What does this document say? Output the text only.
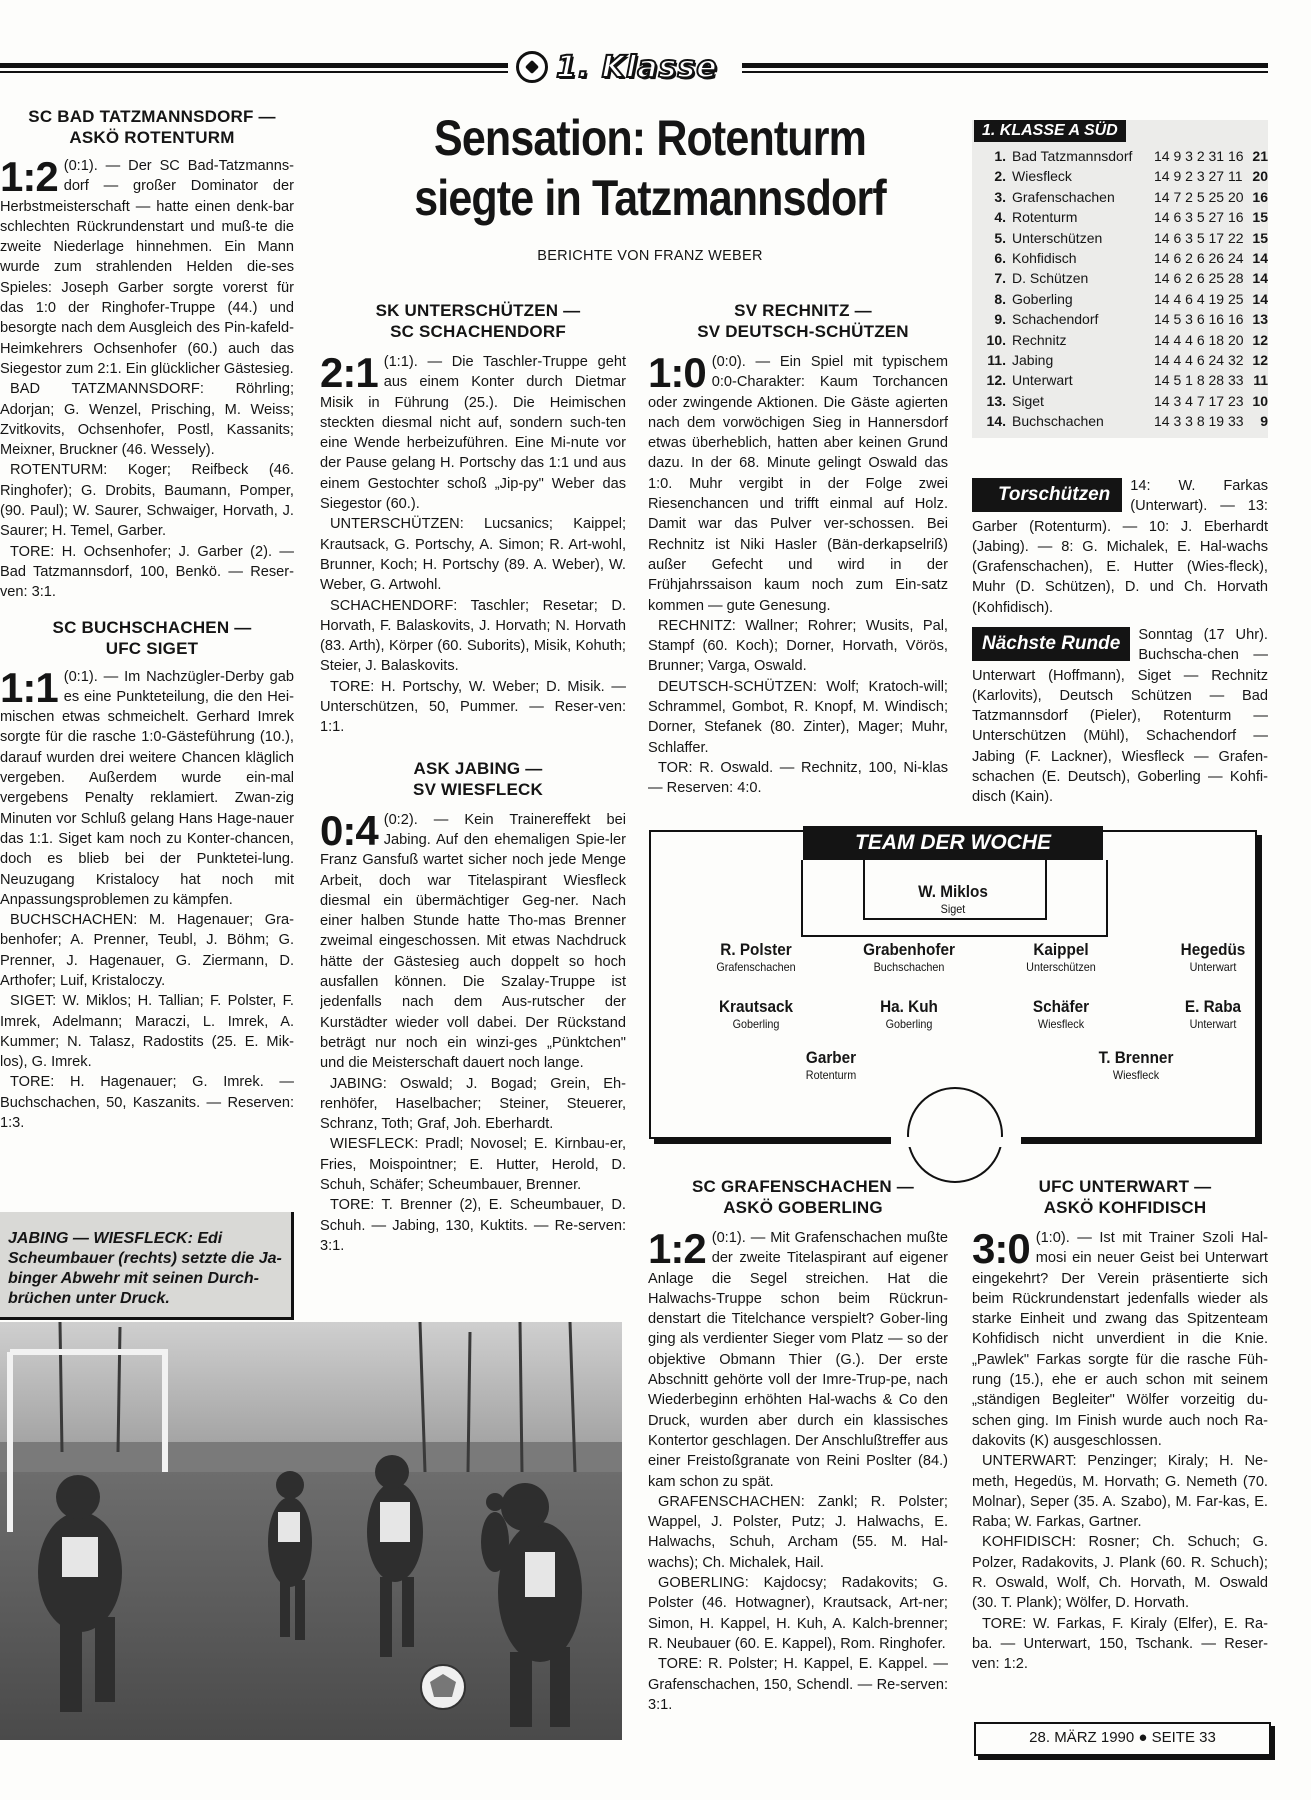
1. Klasse
Sensation: Rotenturm
siegte in Tatzmannsdorf
BERICHTE VON FRANZ WEBER

SC BAD TATZMANNSDORF —

ASKÖ ROTENTURM

1:2 (0:1). — Der SC Bad-Tatzmanns-dorf — großer Dominator der Herbstmeisterschaft — hatte einen denk-bar schlechten Rückrundenstart und muß-te die zweite Niederlage hinnehmen. Ein Mann wurde zum strahlenden Helden die-ses Spieles: Joseph Garber sorgte vorerst für das 1:0 der Ringhofer-Truppe (44.) und besorgte nach dem Ausgleich des Pin-kafeld-Heimkehrers Ochsenhofer (60.) auch das Siegestor zum 2:1. Ein glücklicher Gästesieg.

BAD TATZMANNSDORF: Röhrling; Adorjan; G. Wenzel, Prisching, M. Weiss; Zvitkovits, Ochsenhofer, Postl, Kassanits; Meixner, Bruckner (46. Wessely).

ROTENTURM: Koger; Reifbeck (46. Ringhofer); G. Drobits, Baumann, Pomper, (90. Paul); W. Saurer, Schwaiger, Horvath, J. Saurer; H. Temel, Garber.

TORE: H. Ochsenhofer; J. Garber (2). — Bad Tatzmannsdorf, 100, Benkö. — Reser-ven: 3:1.

SC BUCHSCHACHEN —

UFC SIGET

1:1 (0:1). — Im Nachzügler-Derby gab es eine Punkteteilung, die den Hei-mischen etwas schmeichelt. Gerhard Imrek sorgte für die rasche 1:0-Gästeführung (10.), darauf wurden drei weitere Chancen kläglich vergeben. Außerdem wurde ein-mal vergebens Penalty reklamiert. Zwan-zig Minuten vor Schluß gelang Hans Hage-nauer das 1:1. Siget kam noch zu Konter-chancen, doch es blieb bei der Punktetei-lung. Neuzugang Kristalocy hat noch mit Anpassungsproblemen zu kämpfen.

BUCHSCHACHEN: M. Hagenauer; Gra-benhofer; A. Prenner, Teubl, J. Böhm; G. Prenner, J. Hagenauer, G. Ziermann, D. Arthofer; Luif, Kristaloczy.

SIGET: W. Miklos; H. Tallian; F. Polster, F. Imrek, Adelmann; Maraczi, L. Imrek, A. Kummer; N. Talasz, Radostits (25. E. Mik-los), G. Imrek.

TORE: H. Hagenauer; G. Imrek. — Buchschachen, 50, Kaszanits. — Reserven: 1:3.

SK UNTERSCHÜTZEN —

SC SCHACHENDORF

2:1 (1:1). — Die Taschler-Truppe geht aus einem Konter durch Dietmar Misik in Führung (25.). Die Heimischen steckten diesmal nicht auf, sondern such-ten eine Wende herbeizuführen. Eine Mi-nute vor der Pause gelang H. Portschy das 1:1 und aus einem Gestochter schoß „Jip-py" Weber das Siegestor (60.).

UNTERSCHÜTZEN: Lucsanics; Kaippel; Krautsack, G. Portschy, A. Simon; R. Art-wohl, Brunner, Koch; H. Portschy (89. A. Weber), W. Weber, G. Artwohl.

SCHACHENDORF: Taschler; Resetar; D. Horvath, F. Balaskovits, J. Horvath; N. Horvath (83. Arth), Körper (60. Suborits), Misik, Kohuth; Steier, J. Balaskovits.

TORE: H. Portschy, W. Weber; D. Misik. — Unterschützen, 50, Pummer. — Reser-ven: 1:1.

ASK JABING —

SV WIESFLECK

0:4 (0:2). — Kein Trainereffekt bei Jabing. Auf den ehemaligen Spie-ler Franz Gansfuß wartet sicher noch jede Menge Arbeit, doch war Titelaspirant Wiesfleck diesmal ein übermächtiger Geg-ner. Nach einer halben Stunde hatte Tho-mas Brenner zweimal eingeschossen. Mit etwas Nachdruck hätte der Gästesieg auch doppelt so hoch ausfallen können. Die Szalay-Truppe ist jedenfalls nach dem Aus-rutscher der Kurstädter wieder voll dabei. Der Rückstand beträgt nur noch ein winzi-ges „Pünktchen" und die Meisterschaft dauert noch lange.

JABING: Oswald; J. Bogad; Grein, Eh-renhöfer, Haselbacher; Steiner, Steuerer, Schranz, Toth; Graf, Joh. Eberhardt.

WIESFLECK: Pradl; Novosel; E. Kirnbau-er, Fries, Moispointner; E. Hutter, Herold, D. Schuh, Schäfer; Scheumbauer, Brenner.

TORE: T. Brenner (2), E. Scheumbauer, D. Schuh. — Jabing, 130, Kuktits. — Re-serven: 3:1.

SV RECHNITZ —

SV DEUTSCH-SCHÜTZEN

1:0 (0:0). — Ein Spiel mit typischem 0:0-Charakter: Kaum Torchancen oder zwingende Aktionen. Die Gäste agierten nach dem vorwöchigen Sieg in Hannersdorf etwas überheblich, hatten aber keinen Grund dazu. In der 68. Minute gelingt Oswald das 1:0. Muhr vergibt in der Folge zwei Riesenchancen und trifft einmal auf Holz. Damit war das Pulver ver-schossen. Bei Rechnitz ist Niki Hasler (Bän-derkapselriß) außer Gefecht und wird in der Frühjahrssaison kaum noch zum Ein-satz kommen — gute Genesung.

RECHNITZ: Wallner; Rohrer; Wusits, Pal, Stampf (60. Koch); Dorner, Horvath, Vörös, Brunner; Varga, Oswald.

DEUTSCH-SCHÜTZEN: Wolf; Kratoch-will; Schrammel, Gombot, R. Knopf, M. Windisch; Dorner, Stefanek (80. Zinter), Mager; Muhr, Schlaffer.

TOR: R. Oswald. — Rechnitz, 100, Ni-klas — Reserven: 4:0.

1. KLASSE A SÜD
1.	Bad Tatzmannsdorf	14 9 3 2 31 16	21
2.	Wiesfleck	14 9 2 3 27 11	20
3.	Grafenschachen	14 7 2 5 25 20	16
4.	Rotenturm	14 6 3 5 27 16	15
5.	Unterschützen	14 6 3 5 17 22	15
6.	Kohfidisch	14 6 2 6 26 24	14
7.	D. Schützen	14 6 2 6 25 28	14
8.	Goberling	14 4 6 4 19 25	14
9.	Schachendorf	14 5 3 6 16 16	13
10.	Rechnitz	14 4 4 6 18 20	12
11.	Jabing	14 4 4 6 24 32	12
12.	Unterwart	14 5 1 8 28 33	11
13.	Siget	14 3 4 7 17 23	10
14.	Buchschachen	14 3 3 8 19 33	9
Torschützen	14: W. Farkas (Unterwart). — 13: Garber (Rotenturm). — 10: J. Eberhardt (Jabing). — 8: G. Michalek, E. Hal-wachs (Grafenschachen), E. Hutter (Wies-fleck), Muhr (D. Schützen), D. und Ch. Horvath (Kohfidisch).
Nächste Runde	Sonntag (17 Uhr). Buchscha-chen — Unterwart (Hoffmann), Siget — Rechnitz (Karlovits), Deutsch Schützen — Bad Tatzmannsdorf (Pieler), Rotenturm — Unterschützen (Mühl), Schachendorf — Jabing (F. Lackner), Wiesfleck — Grafen-schachen (E. Deutsch), Goberling — Kohfi-disch (Kain).
TEAM DER WOCHE
W. Miklos
Siget
R. Polster
Grafenschachen
Grabenhofer
Buchschachen
Kaippel
Unterschützen
Hegedüs
Unterwart
Krautsack
Goberling
Ha. Kuh
Goberling
Schäfer
Wiesfleck
E. Raba
Unterwart
Garber
Rotenturm
T. Brenner
Wiesfleck

SC GRAFENSCHACHEN —

ASKÖ GOBERLING

1:2 (0:1). — Mit Grafenschachen mußte der zweite Titelaspirant auf eigener Anlage die Segel streichen. Hat die Halwachs-Truppe schon beim Rückrun-denstart die Titelchance verspielt? Gober-ling ging als verdienter Sieger vom Platz — so der objektive Obmann Thier (G.). Der erste Abschnitt gehörte voll der Imre-Trup-pe, nach Wiederbeginn erhöhten Hal-wachs & Co den Druck, wurden aber durch ein klassisches Kontertor geschlagen. Der Anschlußtreffer aus einer Freistoßgranate von Reini Poslter (84.) kam schon zu spät.

GRAFENSCHACHEN: Zankl; R. Polster; Wappel, J. Polster, Putz; J. Halwachs, E. Halwachs, Schuh, Archam (55. M. Hal-wachs); Ch. Michalek, Hail.

GOBERLING: Kajdocsy; Radakovits; G. Polster (46. Hotwagner), Krautsack, Art-ner; Simon, H. Kappel, H. Kuh, A. Kalch-brenner; R. Neubauer (60. E. Kappel), Rom. Ringhofer.

TORE: R. Polster; H. Kappel, E. Kappel. — Grafenschachen, 150, Schendl. — Re-serven: 3:1.

UFC UNTERWART —

ASKÖ KOHFIDISCH

3:0 (1:0). — Ist mit Trainer Szoli Hal-mosi ein neuer Geist bei Unterwart eingekehrt? Der Verein präsentierte sich beim Rückrundenstart jedenfalls wieder als starke Einheit und zwang das Spitzenteam Kohfidisch nicht unverdient in die Knie. „Pawlek" Farkas sorgte für die rasche Füh-rung (15.), ehe er auch schon mit seinem „ständigen Begleiter" Wölfer vorzeitig du-schen ging. Im Finish wurde auch noch Ra-dakovits (K) ausgeschlossen.

UNTERWART: Penzinger; Kiraly; H. Ne-meth, Hegedüs, M. Horvath; G. Nemeth (70. Molnar), Seper (35. A. Szabo), M. Far-kas, E. Raba; W. Farkas, Gartner.

KOHFIDISCH: Rosner; Ch. Schuch; G. Polzer, Radakovits, J. Plank (60. R. Schuch); R. Oswald, Wolf, Ch. Horvath, M. Oswald (30. T. Plank); Wölfer, D. Horvath.

TORE: W. Farkas, F. Kiraly (Elfer), E. Ra-ba. — Unterwart, 150, Tschank. — Reser-ven: 1:2.

JABING — WIESFLECK: Edi Scheumbauer (rechts) setzte die Ja-binger Abwehr mit seinen Durch-brüchen unter Druck.
28. MÄRZ 1990 ● SEITE 33
